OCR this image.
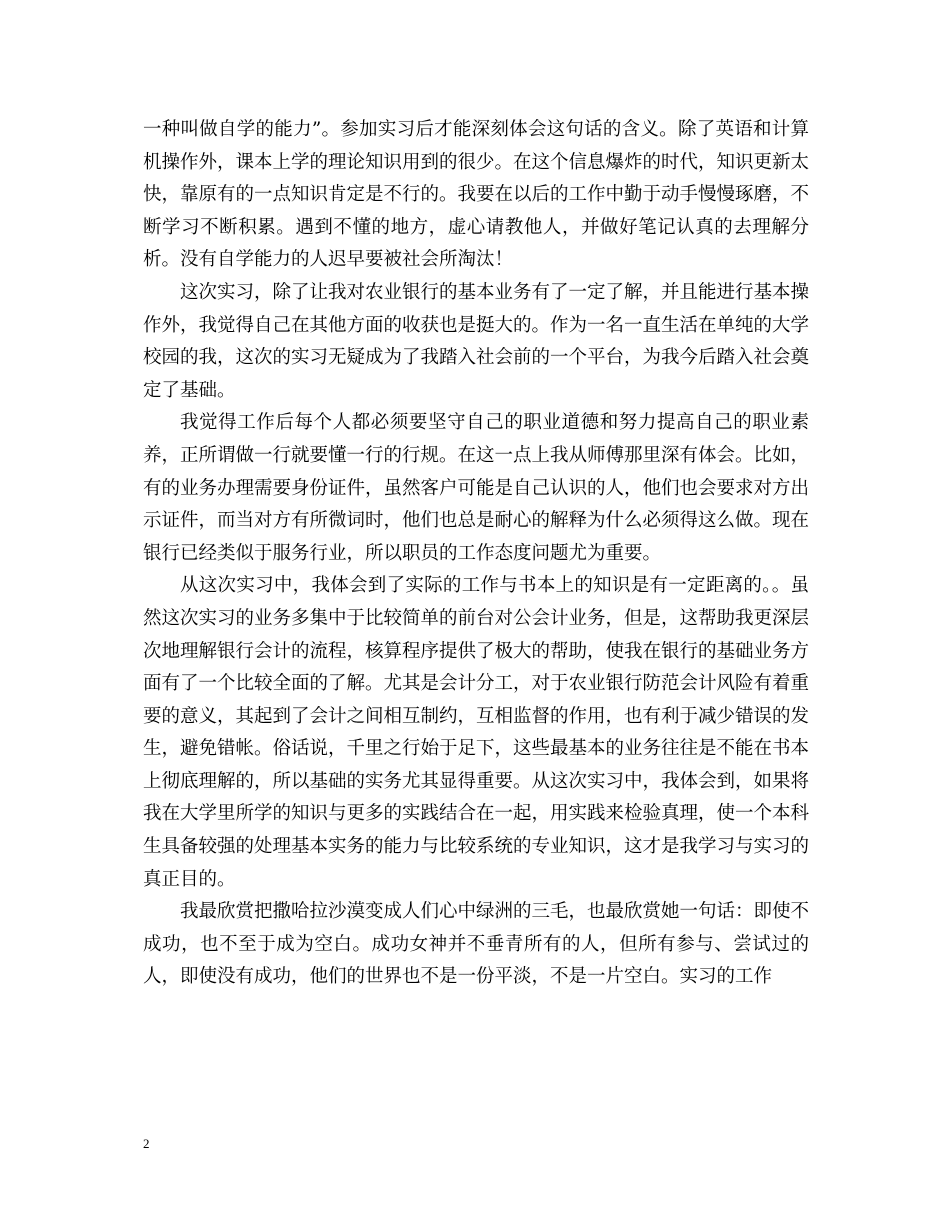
一种叫做自学的能力”。参加实习后才能深刻体会这句话的含义。除了英语和计算机操作外，课本上学的理论知识用到的很少。在这个信息爆炸的时代，知识更新太快，靠原有的一点知识肯定是不行的。我要在以后的工作中勤于动手慢慢琢磨，不断学习不断积累。遇到不懂的地方，虚心请教他人，并做好笔记认真的去理解分析。没有自学能力的人迟早要被社会所淘汰！

这次实习，除了让我对农业银行的基本业务有了一定了解，并且能进行基本操作外，我觉得自己在其他方面的收获也是挺大的。作为一名一直生活在单纯的大学校园的我，这次的实习无疑成为了我踏入社会前的一个平台，为我今后踏入社会奠定了基础。

我觉得工作后每个人都必须要坚守自己的职业道德和努力提高自己的职业素养，正所谓做一行就要懂一行的行规。在这一点上我从师傅那里深有体会。比如，有的业务办理需要身份证件，虽然客户可能是自己认识的人，他们也会要求对方出示证件，而当对方有所微词时，他们也总是耐心的解释为什么必须得这么做。现在银行已经类似于服务行业，所以职员的工作态度问题尤为重要。

从这次实习中，我体会到了实际的工作与书本上的知识是有一定距离的。。虽然这次实习的业务多集中于比较简单的前台对公会计业务，但是，这帮助我更深层次地理解银行会计的流程，核算程序提供了极大的帮助，使我在银行的基础业务方面有了一个比较全面的了解。尤其是会计分工，对于农业银行防范会计风险有着重要的意义，其起到了会计之间相互制约，互相监督的作用，也有利于减少错误的发生，避免错帐。俗话说，千里之行始于足下，这些最基本的业务往往是不能在书本上彻底理解的，所以基础的实务尤其显得重要。从这次实习中，我体会到，如果将我在大学里所学的知识与更多的实践结合在一起，用实践来检验真理，使一个本科生具备较强的处理基本实务的能力与比较系统的专业知识，这才是我学习与实习的真正目的。

我最欣赏把撒哈拉沙漠变成人们心中绿洲的三毛，也最欣赏她一句话：即使不成功，也不至于成为空白。成功女神并不垂青所有的人，但所有参与、尝试过的人，即使没有成功，他们的世界也不是一份平淡，不是一片空白。实习的工作

2
